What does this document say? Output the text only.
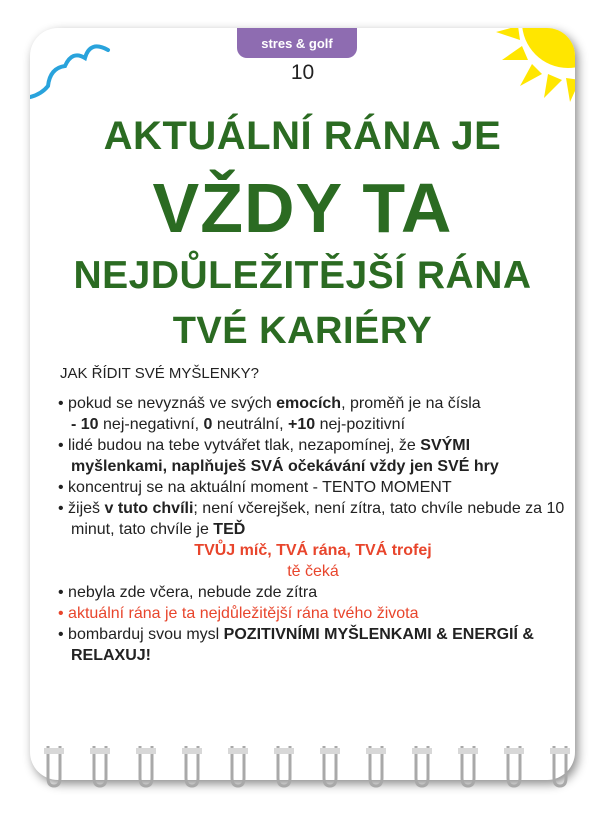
stres & golf
10
AKTUÁLNÍ RÁNA JE
VŽDY TA
NEJDŮLEŽITĚJŠÍ RÁNA
TVÉ KARIÉRY
JAK ŘÍDIT SVÉ MYŠLENKY?

• pokud se nevyznáš ve svých emocích, proměň je na čísla

- 10 nej-negativní, 0 neutrální, +10 nej-pozitivní

• lidé budou na tebe vytvářet tlak, nezapomínej, že SVÝMI myšlenkami, naplňuješ SVÁ očekávání vždy jen SVÉ hry

• koncentruj se na aktuální moment - TENTO MOMENT

• žiješ v tuto chvíli; není včerejšek, není zítra, tato chvíle nebude za 10 minut, tato chvíle je TEĎ

TVŮJ míč, TVÁ rána, TVÁ trofej

tě čeká

• nebyla zde včera, nebude zde zítra

• aktuální rána je ta nejdůležitější rána tvého života

• bombarduj svou mysl POZITIVNÍMI MYŠLENKAMI & ENERGIÍ & RELAXUJ!
